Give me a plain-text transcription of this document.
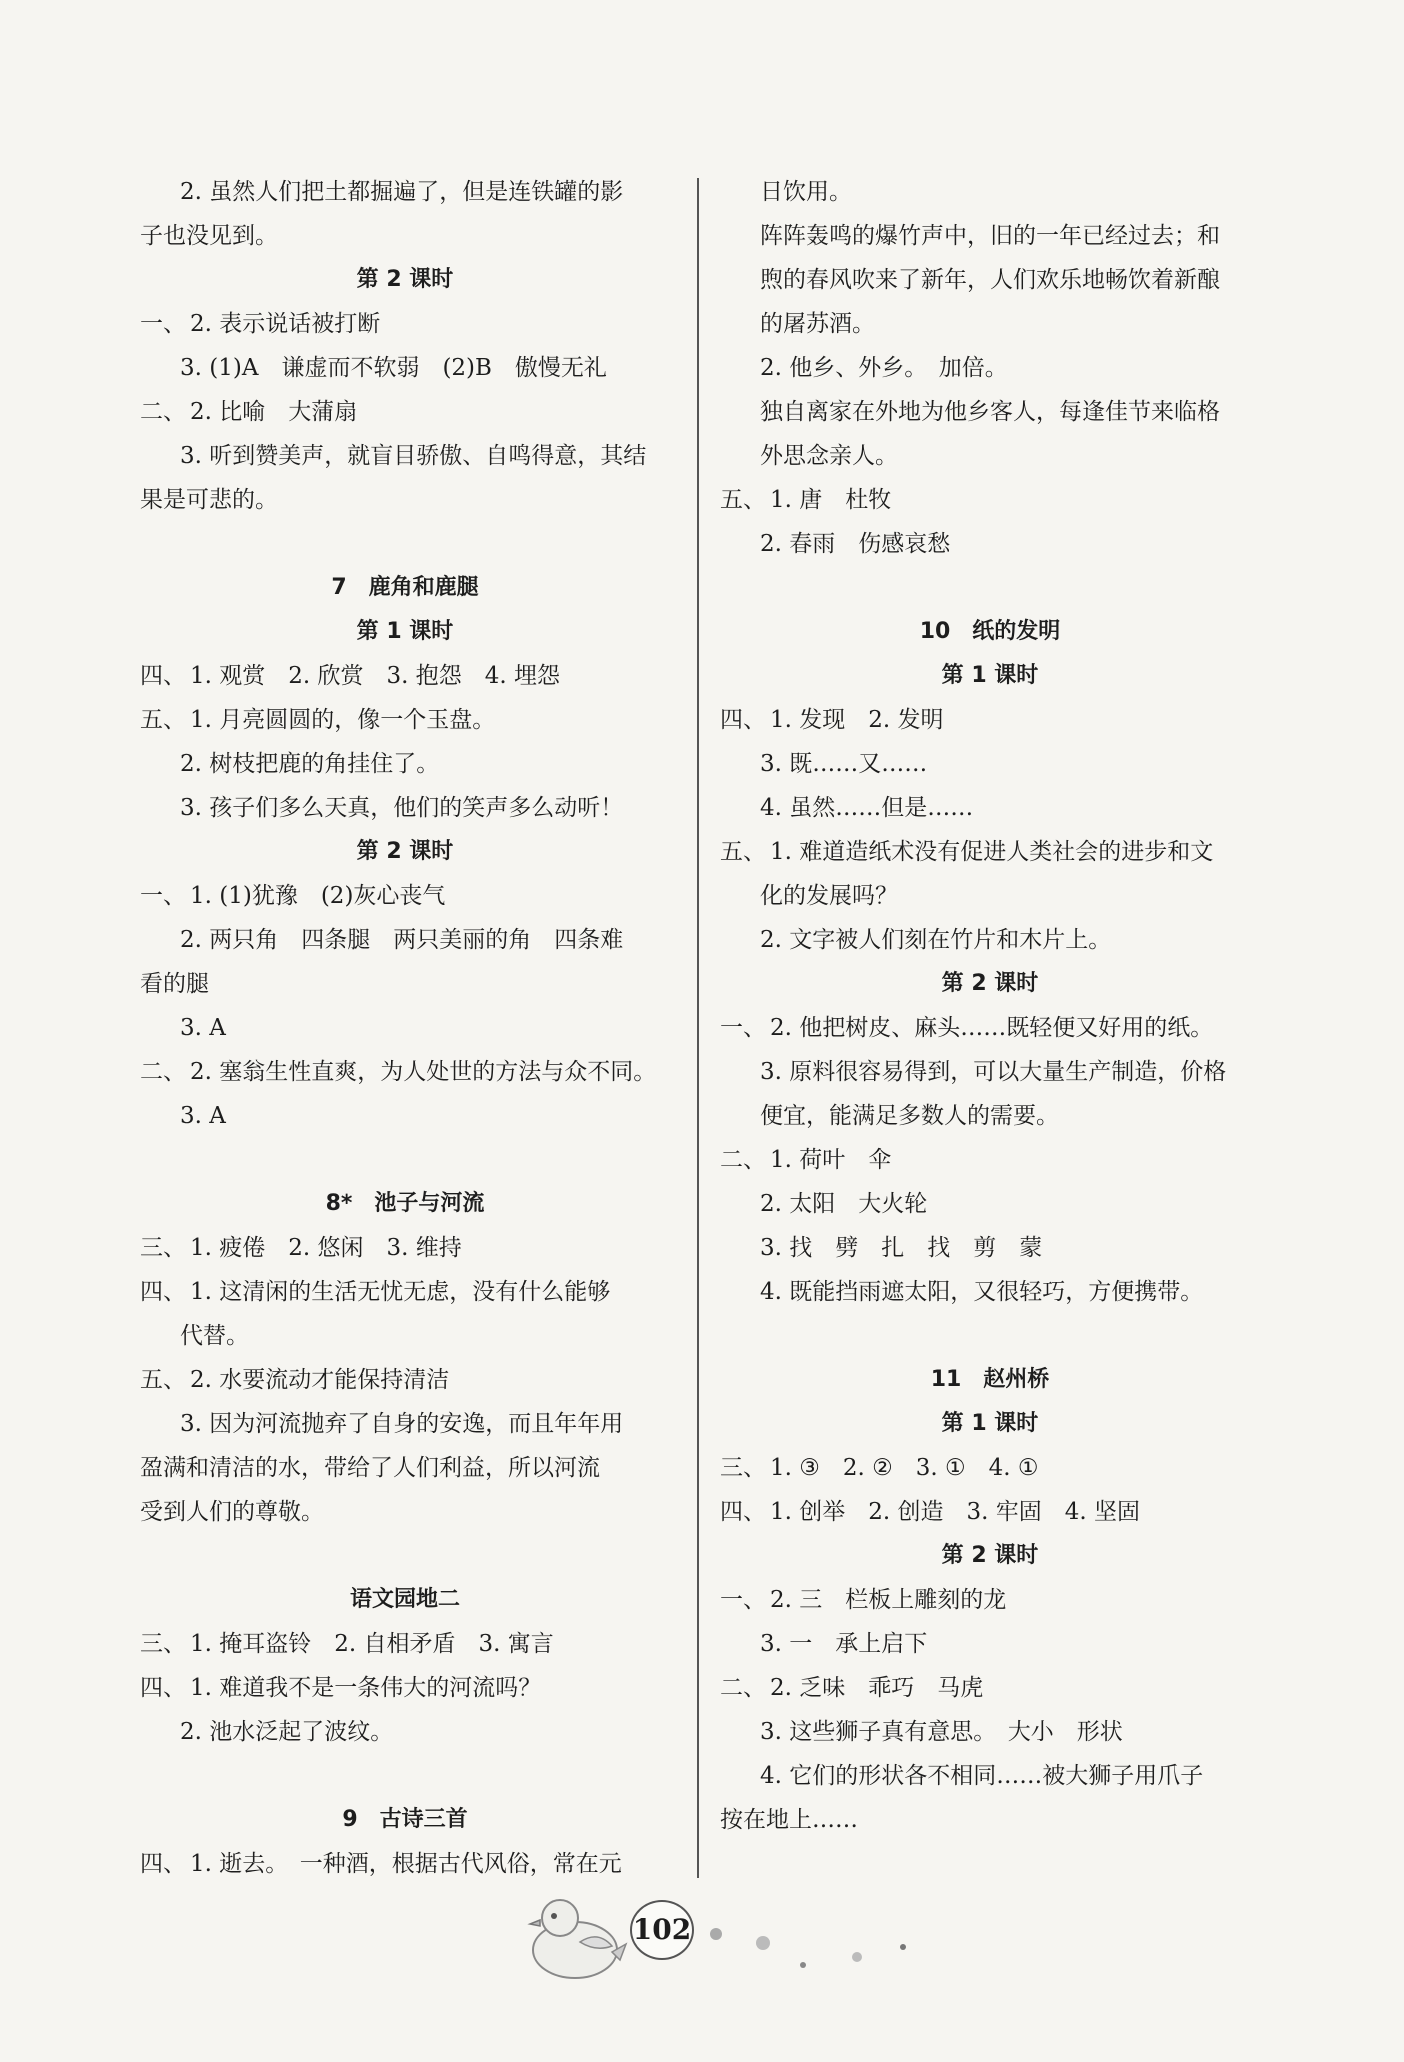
2. 虽然人们把土都掘遍了，但是连铁罐的影
子也没见到。
第 2 课时
一、 2. 表示说话被打断
3. (1)A　谦虚而不软弱　(2)B　傲慢无礼
二、 2. 比喻　大蒲扇
3. 听到赞美声，就盲目骄傲、自鸣得意，其结
果是可悲的。
7　鹿角和鹿腿
第 1 课时
四、 1. 观赏　2. 欣赏　3. 抱怨　4. 埋怨
五、 1. 月亮圆圆的，像一个玉盘。
2. 树枝把鹿的角挂住了。
3. 孩子们多么天真，他们的笑声多么动听！
第 2 课时
一、 1. (1)犹豫　(2)灰心丧气
2. 两只角　四条腿　两只美丽的角　四条难
看的腿
3. A
二、 2. 塞翁生性直爽，为人处世的方法与众不同。
3. A
8*　池子与河流
三、 1. 疲倦　2. 悠闲　3. 维持
四、 1. 这清闲的生活无忧无虑，没有什么能够
代替。
五、 2. 水要流动才能保持清洁
3. 因为河流抛弃了自身的安逸，而且年年用
盈满和清洁的水，带给了人们利益，所以河流
受到人们的尊敬。
语文园地二
三、 1. 掩耳盗铃　2. 自相矛盾　3. 寓言
四、 1. 难道我不是一条伟大的河流吗？
2. 池水泛起了波纹。
9　古诗三首
四、 1. 逝去。　一种酒，根据古代风俗，常在元
日饮用。
阵阵轰鸣的爆竹声中，旧的一年已经过去；和
煦的春风吹来了新年，人们欢乐地畅饮着新酿
的屠苏酒。
2. 他乡、外乡。　加倍。
独自离家在外地为他乡客人，每逢佳节来临格
外思念亲人。
五、 1. 唐　杜牧
2. 春雨　伤感哀愁
10　纸的发明
第 1 课时
四、 1. 发现　2. 发明
3. 既……又……
4. 虽然……但是……
五、 1. 难道造纸术没有促进人类社会的进步和文
化的发展吗？
2. 文字被人们刻在竹片和木片上。
第 2 课时
一、 2. 他把树皮、麻头……既轻便又好用的纸。
3. 原料很容易得到，可以大量生产制造，价格
便宜，能满足多数人的需要。
二、 1. 荷叶　伞
2. 太阳　大火轮
3. 找　劈　扎　找　剪　蒙
4. 既能挡雨遮太阳，又很轻巧，方便携带。
11　赵州桥
第 1 课时
三、 1. ③　2. ②　3. ①　4. ①
四、 1. 创举　2. 创造　3. 牢固　4. 坚固
第 2 课时
一、 2. 三　栏板上雕刻的龙
3. 一　承上启下
二、 2. 乏味　乖巧　马虎
3. 这些狮子真有意思。　大小　形状
4. 它们的形状各不相同……被大狮子用爪子
按在地上……
102
